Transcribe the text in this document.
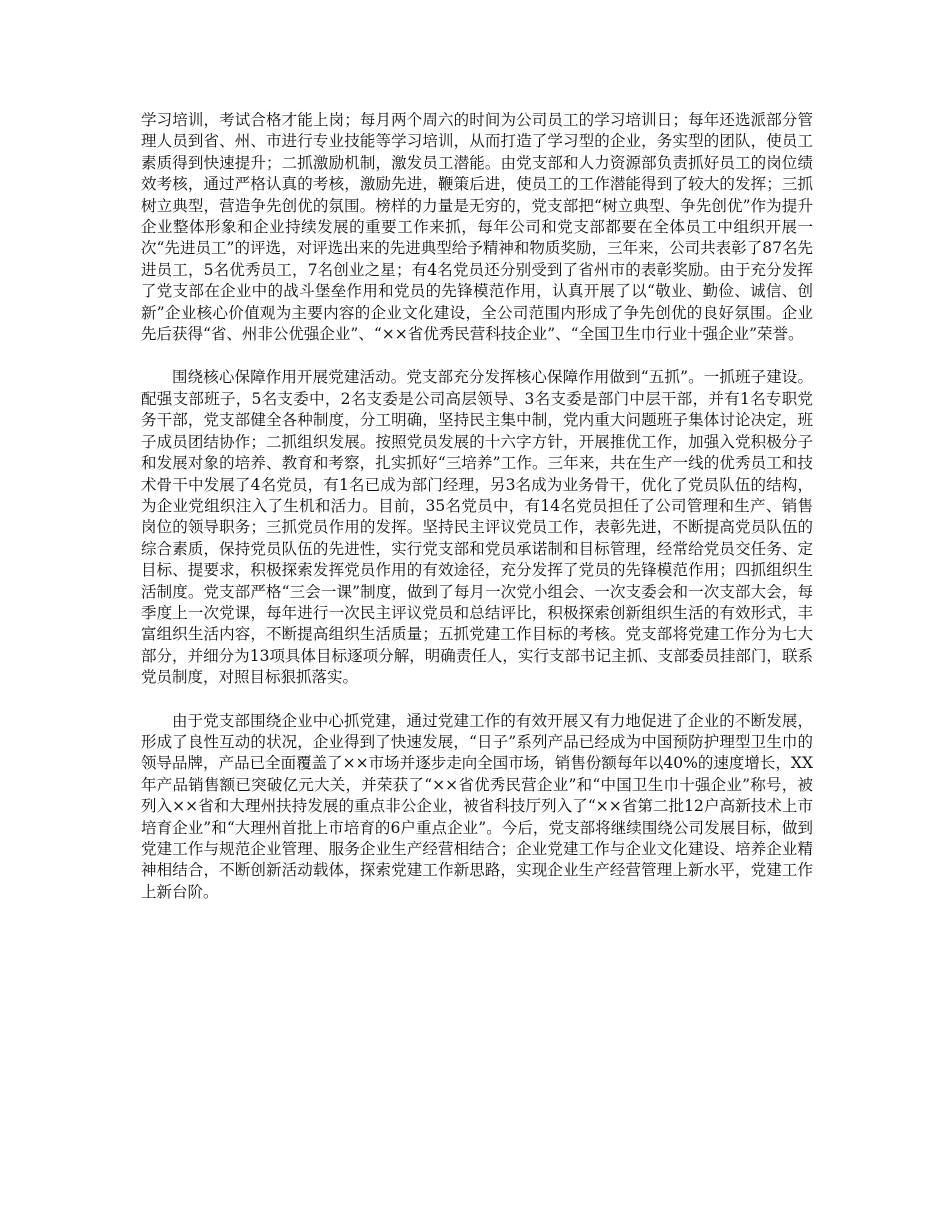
学习培训，考试合格才能上岗；每月两个周六的时间为公司员工的学习培训日；每年还选派部分管理人员到省、州、市进行专业技能等学习培训，从而打造了学习型的企业，务实型的团队，使员工素质得到快速提升；二抓激励机制，激发员工潜能。由党支部和人力资源部负责抓好员工的岗位绩效考核，通过严格认真的考核，激励先进，鞭策后进，使员工的工作潜能得到了较大的发挥；三抓树立典型，营造争先创优的氛围。榜样的力量是无穷的，党支部把“树立典型、争先创优”作为提升企业整体形象和企业持续发展的重要工作来抓，每年公司和党支部都要在全体员工中组织开展一次“先进员工”的评选，对评选出来的先进典型给予精神和物质奖励，三年来，公司共表彰了87名先进员工，5名优秀员工，7名创业之星；有4名党员还分别受到了省州市的表彰奖励。由于充分发挥了党支部在企业中的战斗堡垒作用和党员的先锋模范作用，认真开展了以“敬业、勤俭、诚信、创新”企业核心价值观为主要内容的企业文化建设，全公司范围内形成了争先创优的良好氛围。企业先后获得“省、州非公优强企业”、“××省优秀民营科技企业”、“全国卫生巾行业十强企业”荣誉。

围绕核心保障作用开展党建活动。党支部充分发挥核心保障作用做到“五抓”。一抓班子建设。配强支部班子，5名支委中，2名支委是公司高层领导、3名支委是部门中层干部，并有1名专职党务干部，党支部健全各种制度，分工明确，坚持民主集中制，党内重大问题班子集体讨论决定，班子成员团结协作；二抓组织发展。按照党员发展的十六字方针，开展推优工作，加强入党积极分子和发展对象的培养、教育和考察，扎实抓好“三培养”工作。三年来，共在生产一线的优秀员工和技术骨干中发展了4名党员，有1名已成为部门经理，另3名成为业务骨干，优化了党员队伍的结构，为企业党组织注入了生机和活力。目前，35名党员中，有14名党员担任了公司管理和生产、销售岗位的领导职务；三抓党员作用的发挥。坚持民主评议党员工作，表彰先进，不断提高党员队伍的综合素质，保持党员队伍的先进性，实行党支部和党员承诺制和目标管理，经常给党员交任务、定目标、提要求，积极探索发挥党员作用的有效途径，充分发挥了党员的先锋模范作用；四抓组织生活制度。党支部严格“三会一课”制度，做到了每月一次党小组会、一次支委会和一次支部大会，每季度上一次党课，每年进行一次民主评议党员和总结评比，积极探索创新组织生活的有效形式，丰富组织生活内容，不断提高组织生活质量；五抓党建工作目标的考核。党支部将党建工作分为七大部分，并细分为13项具体目标逐项分解，明确责任人，实行支部书记主抓、支部委员挂部门，联系党员制度，对照目标狠抓落实。

由于党支部围绕企业中心抓党建，通过党建工作的有效开展又有力地促进了企业的不断发展，形成了良性互动的状况，企业得到了快速发展，“日子”系列产品已经成为中国预防护理型卫生巾的领导品牌，产品已全面覆盖了××市场并逐步走向全国市场，销售份额每年以40%的速度增长，XX年产品销售额已突破亿元大关，并荣获了“××省优秀民营企业”和“中国卫生巾十强企业”称号，被列入××省和大理州扶持发展的重点非公企业，被省科技厅列入了“××省第二批12户高新技术上市培育企业”和“大理州首批上市培育的6户重点企业”。今后，党支部将继续围绕公司发展目标，做到党建工作与规范企业管理、服务企业生产经营相结合；企业党建工作与企业文化建设、培养企业精神相结合，不断创新活动载体，探索党建工作新思路，实现企业生产经营管理上新水平，党建工作上新台阶。
